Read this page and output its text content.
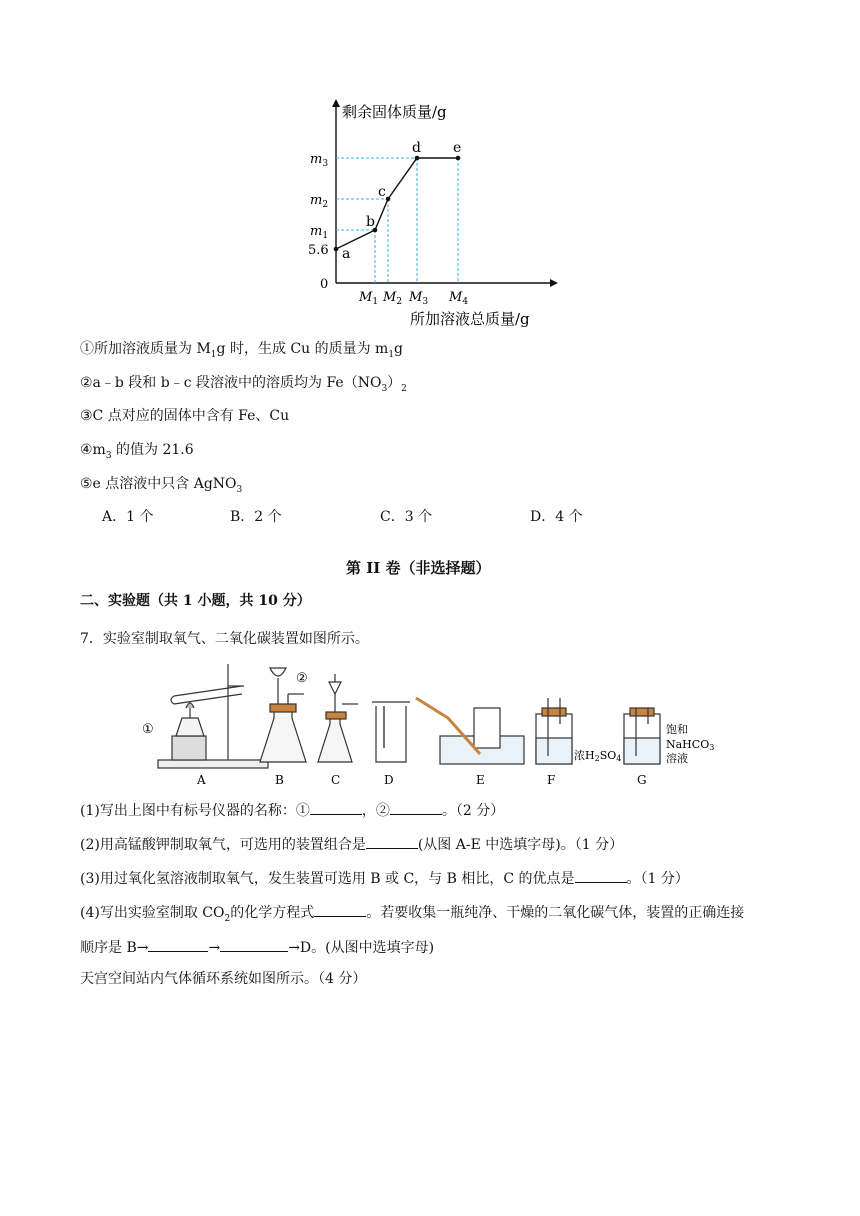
a
b
c
d e
剩余固体质量/g
$m_3$
$m_2$
$m_1$
5.6
0
$M_1$ $M_2$ $M_3$ $M_4$
所加溶液总质量/g
①所加溶液质量为 $M_1g$ 时，生成 Cu 的质量为 $m_1g$
②a﹣b 段和 b﹣c 段溶液中的溶质均为 $Fe(NO_3)_2$
③C 点对应的固体中含有 Fe、Cu
$④m_3$ 的值为 21.6
⑤e 点溶液中只含 AgNO$_3$
A．1 个	B．2 个	C．3 个	D．4 个
第 II 卷（非选择题）
二、实验题（共 1 小题，共 10 分）
7．实验室制取氧气、二氧化碳装置如图所示。
①
②
浓H2SO4
饱和
NaHCO3
溶液
A	B	C	D	E	F	G
(1)写出上图中有标号仪器的名称：①	，②	。（2 分）
(2)用高锰酸钾制取氧气，可选用的装置组合是	(从图 A-E 中选填字母)。（1 分）
(3)用过氧化氢溶液制取氧气，发生装置可选用 B 或 C，与 B 相比，C 的优点是	。（1 分）
(4)写出实验室制取 $CO_2$的化学方程式	。若要收集一瓶纯净、干燥的二氧化碳气体，装置的正确连接
顺序是 B→	→	→D。(从图中选填字母)
天宫空间站内气体循环系统如图所示。（4 分）
